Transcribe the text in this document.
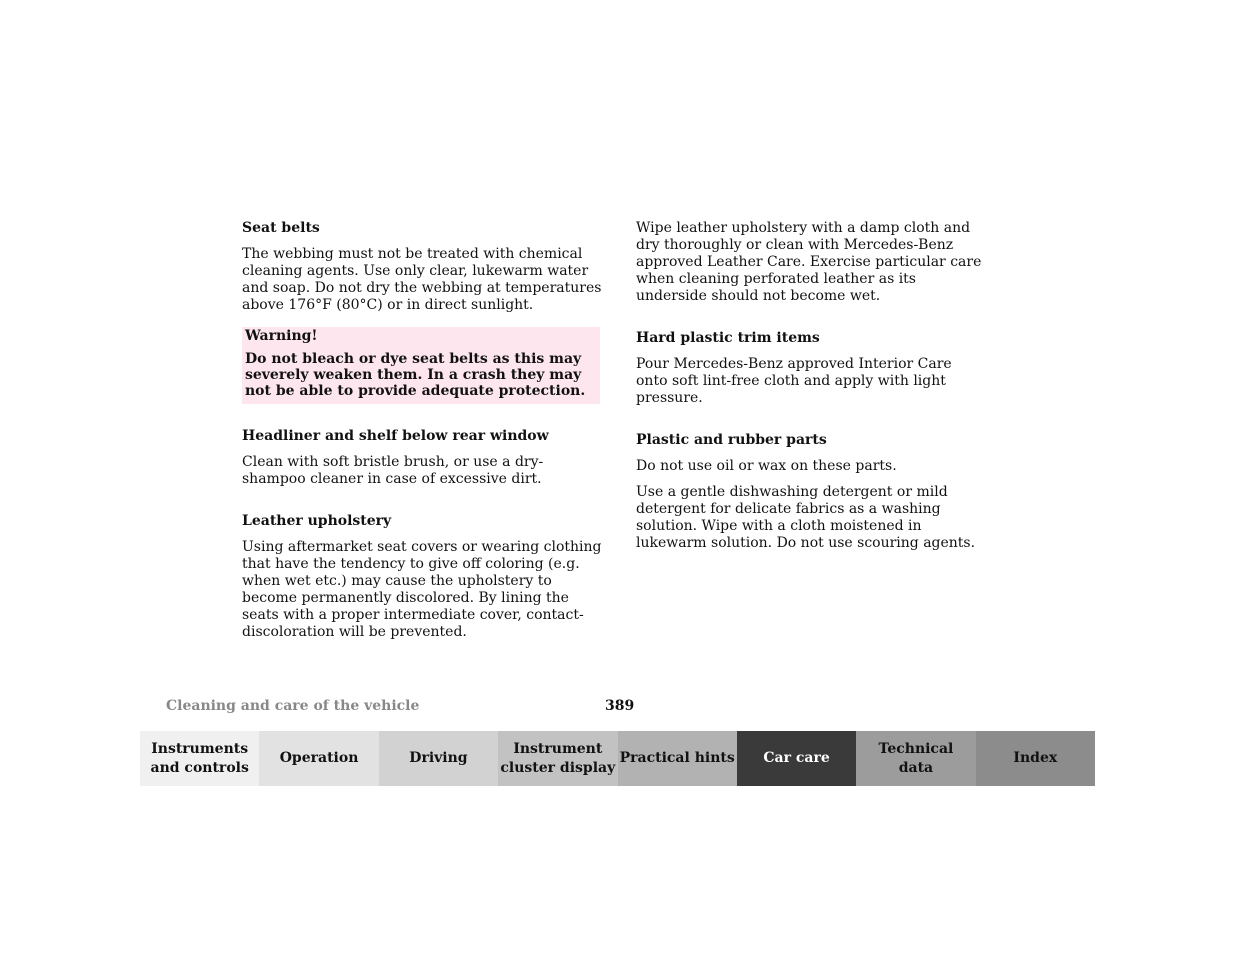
Seat belts
The webbing must not be treated with chemical cleaning agents. Use only clear, lukewarm water and soap. Do not dry the webbing at temperatures above 176°F (80°C) or in direct sunlight.
Warning!
Do not bleach or dye seat belts as this may severely weaken them. In a crash they may not be able to provide adequate protection.
Headliner and shelf below rear window
Clean with soft bristle brush, or use a dry-shampoo cleaner in case of excessive dirt.
Leather upholstery
Using aftermarket seat covers or wearing clothing that have the tendency to give off coloring (e.g. when wet etc.) may cause the upholstery to become permanently discolored. By lining the seats with a proper intermediate cover, contact-discoloration will be prevented.
Wipe leather upholstery with a damp cloth and dry thoroughly or clean with Mercedes-Benz approved Leather Care. Exercise particular care when cleaning perforated leather as its underside should not become wet.
Hard plastic trim items
Pour Mercedes-Benz approved Interior Care onto soft lint-free cloth and apply with light pressure.
Plastic and rubber parts
Do not use oil or wax on these parts.
Use a gentle dishwashing detergent or mild detergent for delicate fabrics as a washing solution. Wipe with a cloth moistened in lukewarm solution. Do not use scouring agents.
Cleaning and care of the vehicle	389
Instruments
and controls
Operation	Driving
Instrument
cluster display
Practical hints	Car care
Technical
data
Index
